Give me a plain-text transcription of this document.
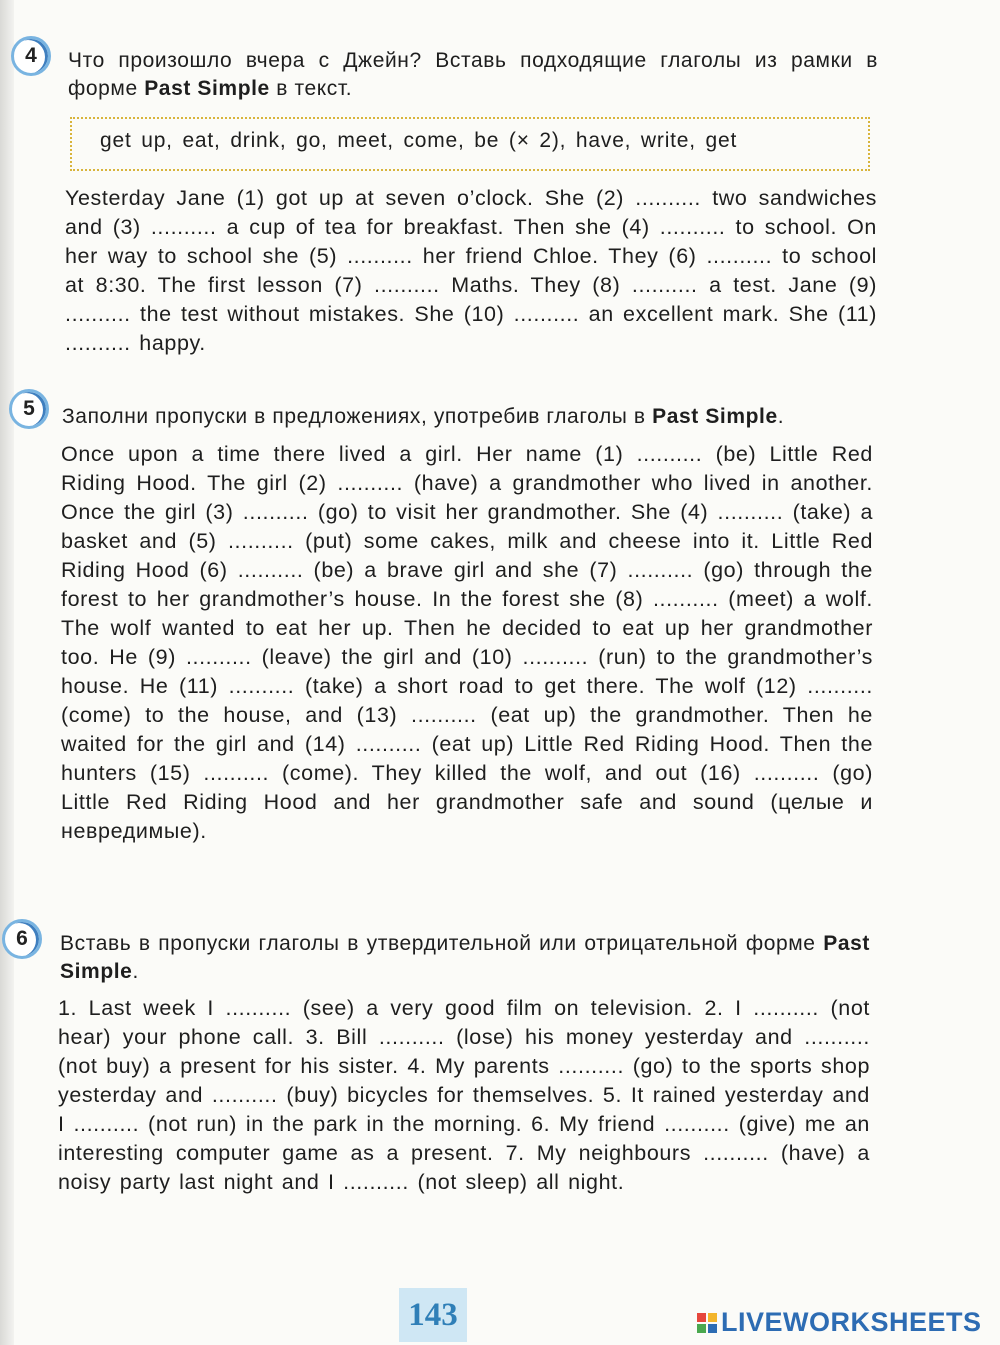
4 Что произошло вчера с Джейн? Вставь подходящие глаголы из рамки в форме Past Simple в текст.
get up, eat, drink, go, meet, come, be (× 2), have, write, get
Yesterday Jane (1) got up at seven o’clock. She (2) .......... two sandwiches and (3) .......... a cup of tea for breakfast. Then she (4) .......... to school. On her way to school she (5) .......... her friend Chloe. They (6) .......... to school at 8:30. The first lesson (7) .......... Maths. They (8) .......... a test. Jane (9) .......... the test without mistakes. She (10) .......... an excellent mark. She (11) .......... happy.
5 Заполни пропуски в предложениях, употребив глаголы в Past Simple.
Once upon a time there lived a girl. Her name (1) .......... (be) Little Red Riding Hood. The girl (2) .......... (have) a grandmother who lived in another. Once the girl (3) .......... (go) to visit her grandmother. She (4) .......... (take) a basket and (5) .......... (put) some cakes, milk and cheese into it. Little Red Riding Hood (6) .......... (be) a brave girl and she (7) .......... (go) through the forest to her grandmother’s house. In the forest she (8) .......... (meet) a wolf. The wolf wanted to eat her up. Then he decided to eat up her grandmother too. He (9) .......... (leave) the girl and (10) .......... (run) to the grandmother’s house. He (11) .......... (take) a short road to get there. The wolf (12) .......... (come) to the house, and (13) .......... (eat up) the grandmother. Then he waited for the girl and (14) .......... (eat up) Little Red Riding Hood. Then the hunters (15) .......... (come). They killed the wolf, and out (16) .......... (go) Little Red Riding Hood and her grandmother safe and sound (целые и невредимые).
6 Вставь в пропуски глаголы в утвердительной или отрицательной форме Past Simple.
1. Last week I .......... (see) a very good film on television. 2. I .......... (not hear) your phone call. 3. Bill .......... (lose) his money yesterday and .......... (not buy) a present for his sister. 4. My parents .......... (go) to the sports shop yesterday and .......... (buy) bicycles for themselves. 5. It rained yesterday and I .......... (not run) in the park in the morning. 6. My friend .......... (give) me an interesting computer game as a present. 7. My neighbours .......... (have) a noisy party last night and I .......... (not sleep) all night.
143	LIVEWORKSHEETS
